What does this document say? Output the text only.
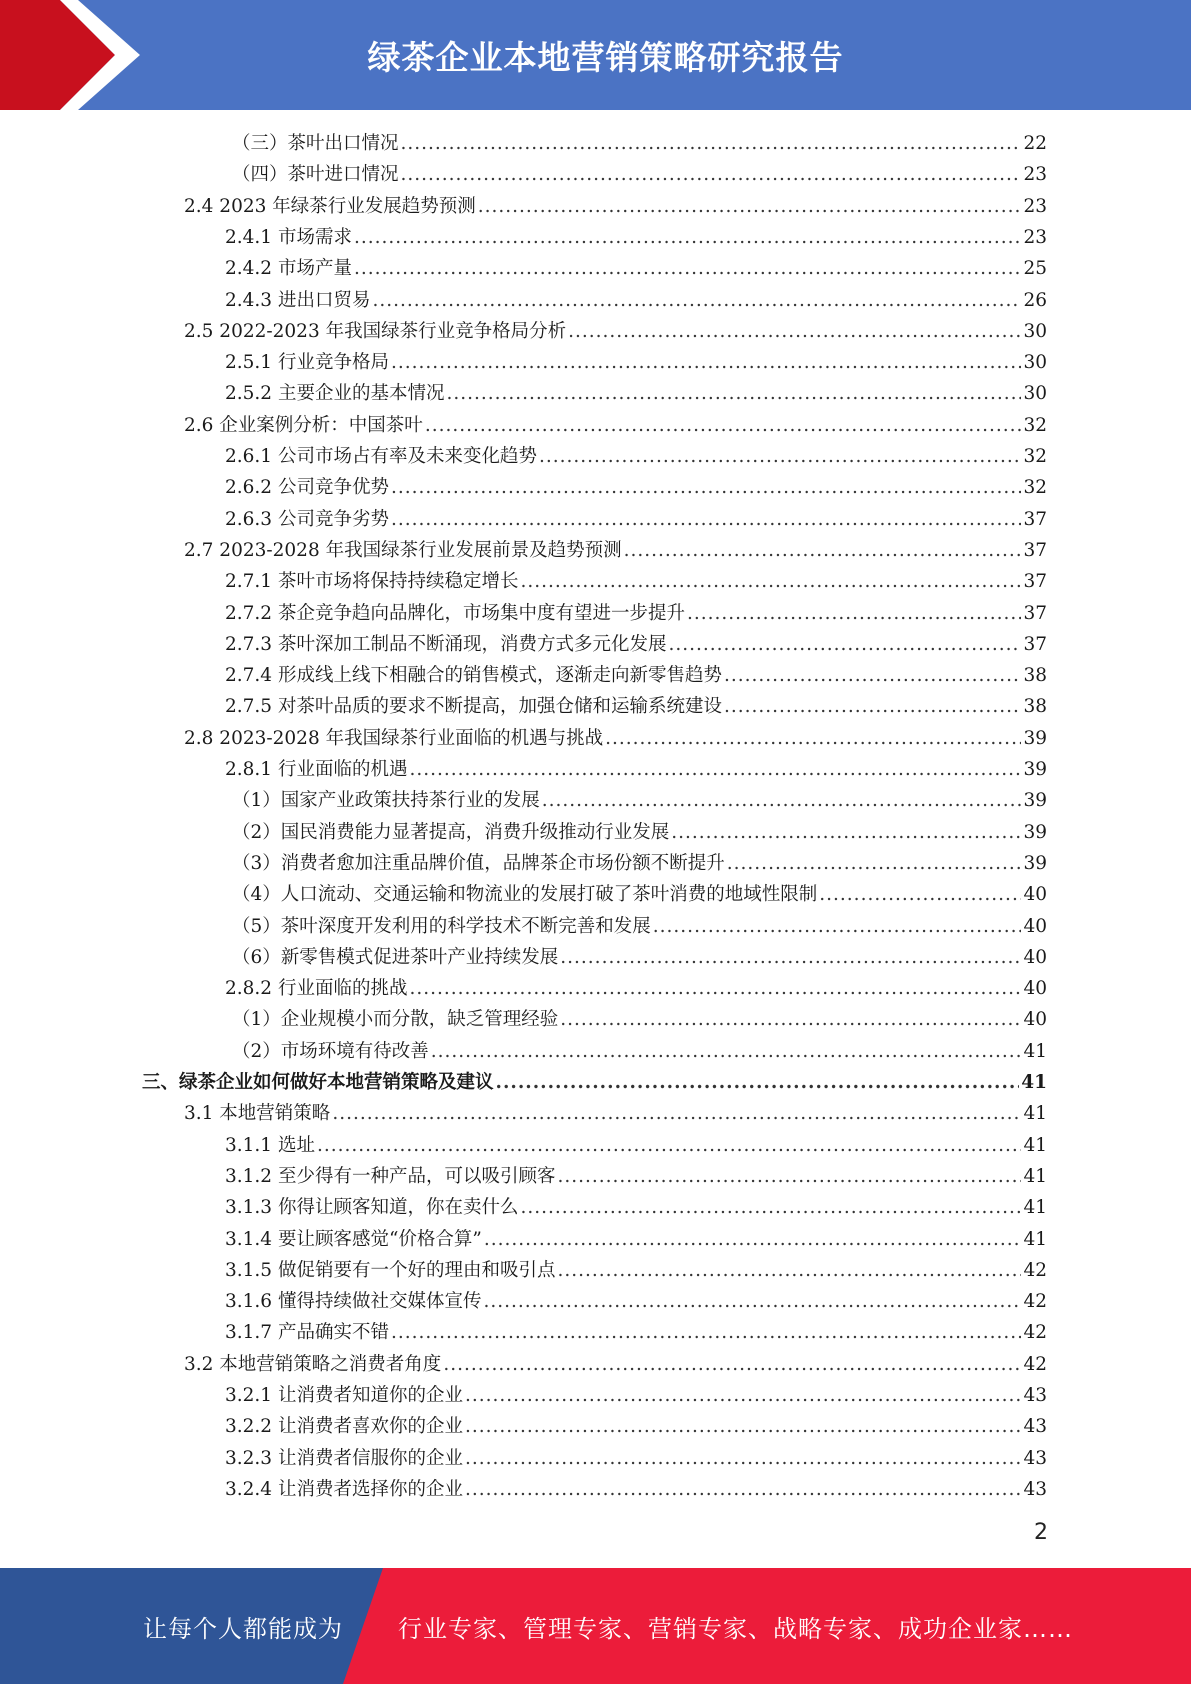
绿茶企业本地营销策略研究报告
（三）茶叶出口情况 .....	22
（四）茶叶进口情况 .....	23
2.4 2023 年绿茶行业发展趋势预测 .....	23
2.4.1 市场需求 .....	23
2.4.2 市场产量 .....	25
2.4.3 进出口贸易 .....	26
2.5 2022-2023 年我国绿茶行业竞争格局分析 .....	30
2.5.1 行业竞争格局 .....	30
2.5.2 主要企业的基本情况 .....	30
2.6 企业案例分析：中国茶叶 .....	32
2.6.1 公司市场占有率及未来变化趋势 .....	32
2.6.2 公司竞争优势 .....	32
2.6.3 公司竞争劣势 .....	37
2.7 2023-2028 年我国绿茶行业发展前景及趋势预测 .....	37
2.7.1 茶叶市场将保持持续稳定增长 .....	37
2.7.2 茶企竞争趋向品牌化，市场集中度有望进一步提升 .....	37
2.7.3 茶叶深加工制品不断涌现，消费方式多元化发展 .....	37
2.7.4 形成线上线下相融合的销售模式，逐渐走向新零售趋势 .....	38
2.7.5 对茶叶品质的要求不断提高，加强仓储和运输系统建设 .....	38
2.8 2023-2028 年我国绿茶行业面临的机遇与挑战 .....	39
2.8.1 行业面临的机遇 .....	39
（1）国家产业政策扶持茶行业的发展 .....	39
（2）国民消费能力显著提高，消费升级推动行业发展 .....	39
（3）消费者愈加注重品牌价值，品牌茶企市场份额不断提升 .....	39
（4）人口流动、交通运输和物流业的发展打破了茶叶消费的地域性限制 .....	40
（5）茶叶深度开发利用的科学技术不断完善和发展 .....	40
（6）新零售模式促进茶叶产业持续发展 .....	40
2.8.2 行业面临的挑战 .....	40
（1）企业规模小而分散，缺乏管理经验 .....	40
（2）市场环境有待改善 .....	41
三、绿茶企业如何做好本地营销策略及建议 .....	41
3.1 本地营销策略 .....	41
3.1.1 选址 .....	41
3.1.2 至少得有一种产品，可以吸引顾客 .....	41
3.1.3 你得让顾客知道，你在卖什么 .....	41
3.1.4 要让顾客感觉“价格合算” .....	41
3.1.5 做促销要有一个好的理由和吸引点 .....	42
3.1.6 懂得持续做社交媒体宣传 .....	42
3.1.7 产品确实不错 .....	42
3.2 本地营销策略之消费者角度 .....	42
3.2.1 让消费者知道你的企业 .....	43
3.2.2 让消费者喜欢你的企业 .....	43
3.2.3 让消费者信服你的企业 .....	43
3.2.4 让消费者选择你的企业 .....	43
2
让每个人都能成为 行业专家、管理专家、营销专家、战略专家、成功企业家……
